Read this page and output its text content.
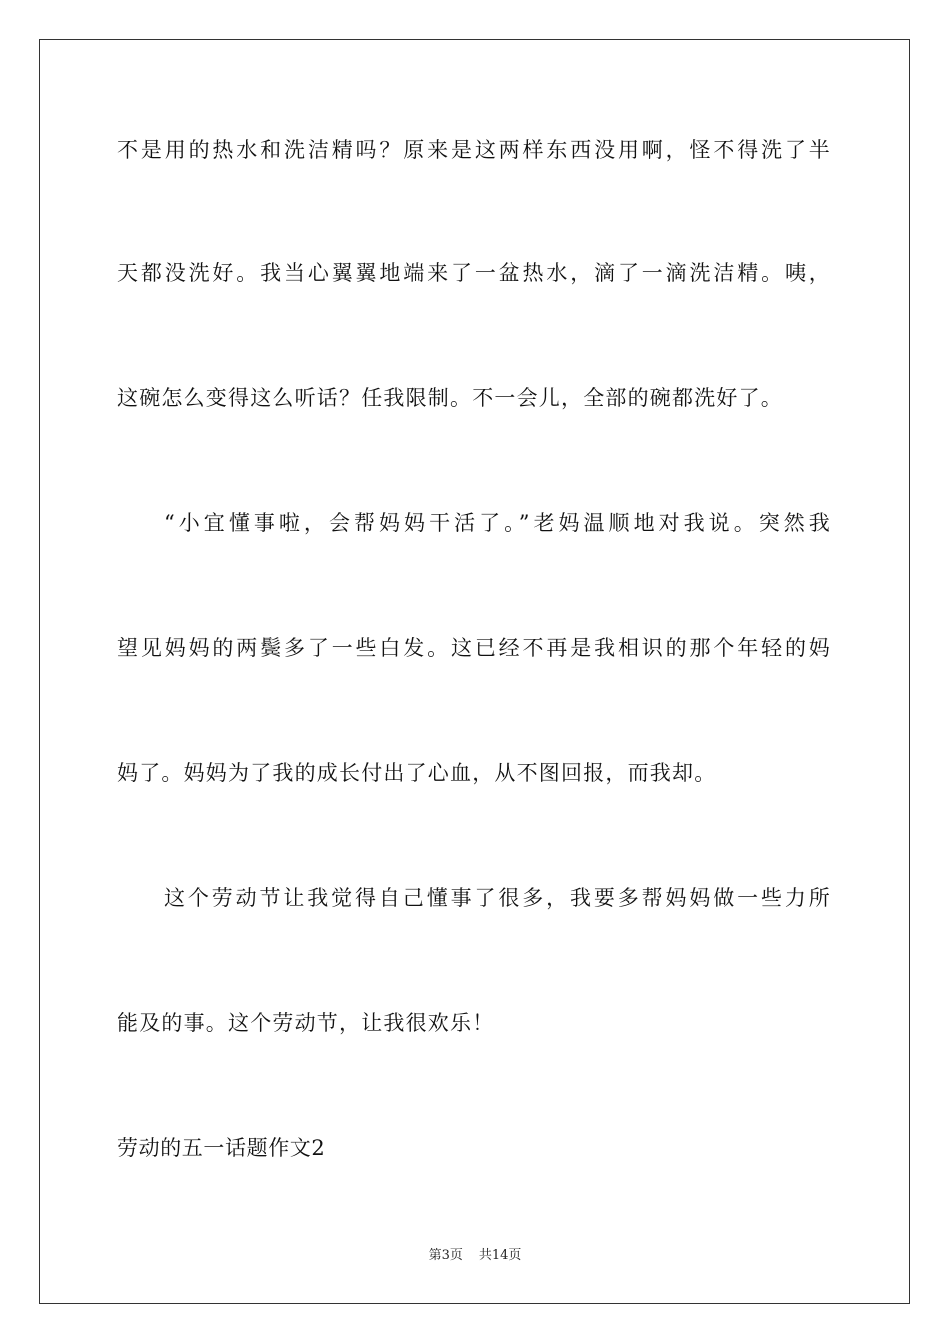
不是用的热水和洗洁精吗？原来是这两样东西没用啊，怪不得洗了半
天都没洗好。我当心翼翼地端来了一盆热水，滴了一滴洗洁精。咦，
这碗怎么变得这么听话？任我限制。不一会儿，全部的碗都洗好了。
“小宜懂事啦，会帮妈妈干活了。”老妈温顺地对我说。突然我
望见妈妈的两鬓多了一些白发。这已经不再是我相识的那个年轻的妈
妈了。妈妈为了我的成长付出了心血，从不图回报，而我却。
这个劳动节让我觉得自己懂事了很多，我要多帮妈妈做一些力所
能及的事。这个劳动节，让我很欢乐！
劳动的五一话题作文2
第3页 共14页
